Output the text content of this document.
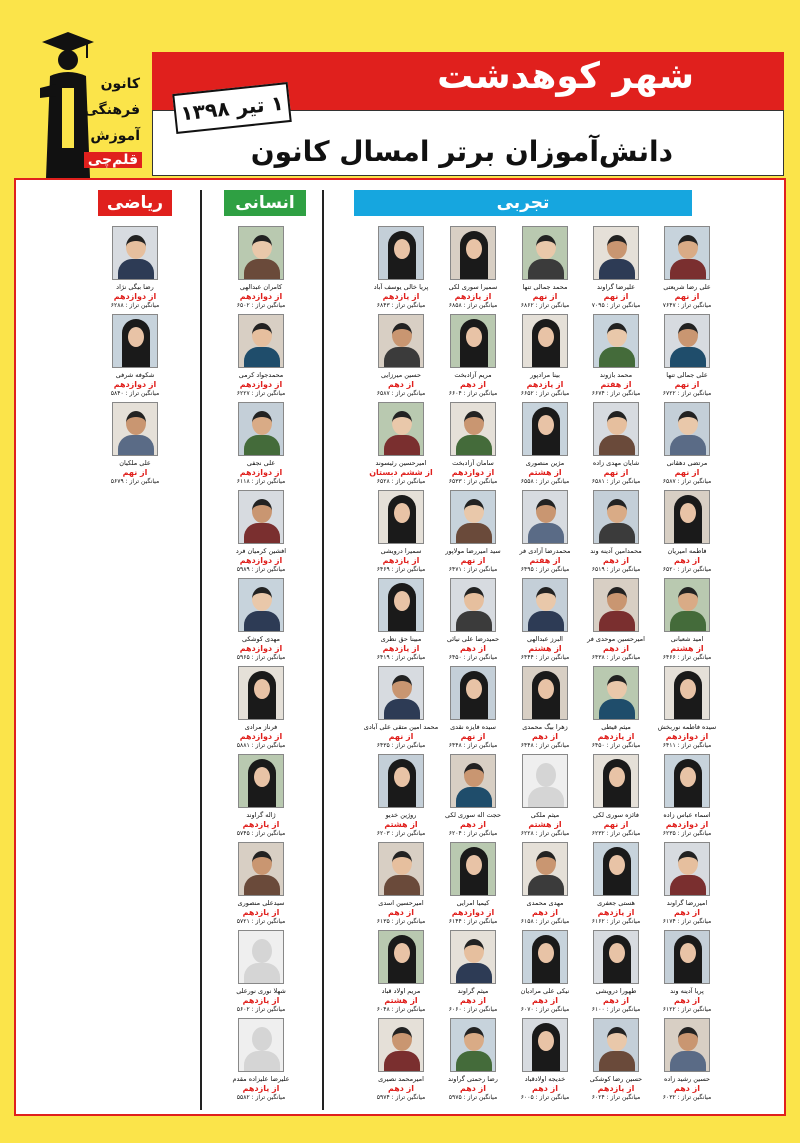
کانون
فرهنگی
آموزش
قلم‌چی
شهر کوهدشت
دانش‌آموزان برتر امسال کانون
۱ تیر ۱۳۹۸
ریاضی	انسانی	تجربی
رضا بیگی نژاد
از دوازدهم
میانگین تراز : ۶۲۸۸
شکوفه شرفی
از دوازدهم
میانگین تراز : ۵۸۴۰
علی ملکیان
از نهم
میانگین تراز : ۵۶۷۹
کامران عبدالهی
از دوازدهم
میانگین تراز : ۶۵۰۲
محمدجواد کرمی
از دوازدهم
میانگین تراز : ۶۲۲۷
علی نجفی
از دوازدهم
میانگین تراز : ۶۱۱۸
افشین کرمیان فرد
از دوازدهم
میانگین تراز : ۵۹۸۹
مهدی کوشکی
از دوازدهم
میانگین تراز : ۵۹۶۵
فرناز مرادی
از دوازدهم
میانگین تراز : ۵۸۸۱
ژاله گراوند
از یازدهم
میانگین تراز : ۵۷۴۵
سیدعلی منصوری
از یازدهم
میانگین تراز : ۵۷۲۱
شهلا نوری نورعلی
از یازدهم
میانگین تراز : ۵۶۰۲
علیرضا علیزاده مقدم
از یازدهم
میانگین تراز : ۵۵۸۲
علی رضا شریعتی
از نهم
میانگین تراز : ۷۶۴۷
علیرضا گراوند
از نهم
میانگین تراز : ۷۰۹۵
محمد جمالی تنها
از نهم
میانگین تراز : ۶۸۶۲
سمیرا سوری لکی
از یازدهم
میانگین تراز : ۶۸۵۸
پریا خالی یوسف آباد
از یازدهم
میانگین تراز : ۶۸۴۳
علی جمالی تنها
از نهم
میانگین تراز : ۶۷۲۲
محمد بازوند
از هفتم
میانگین تراز : ۶۶۷۴
بینا مرادپور
از یازدهم
میانگین تراز : ۶۶۵۲
مریم آزادبخت
از دهم
میانگین تراز : ۶۶۰۴
حسین میرزایی
از دهم
میانگین تراز : ۶۵۸۷
مرتضی دهقانی
از نهم
میانگین تراز : ۶۵۸۷
شایان مهدی زاده
از نهم
میانگین تراز : ۶۵۸۱
مژین منصوری
از هشتم
میانگین تراز : ۶۵۵۸
سامان آزادبخت
از دوازدهم
میانگین تراز : ۶۵۳۳
امیرحسین رئیسوند
از ششم دبستان
میانگین تراز : ۶۵۲۸
فاطمه امیریان
از دهم
میانگین تراز : ۶۵۲۰
محمدامین آدینه وند
از دهم
میانگین تراز : ۶۵۱۹
محمدرضا آزادی فر
از هفتم
میانگین تراز : ۶۴۹۵
سید امیررضا مولاپور
از نهم
میانگین تراز : ۶۴۷۱
سمیرا درویشی
از یازدهم
میانگین تراز : ۶۴۶۹
امید شعبانی
از هشتم
میانگین تراز : ۶۴۶۶
امیرحسین موحدی فر
از دهم
میانگین تراز : ۶۴۳۸
البرز عبدالهی
از هشتم
میانگین تراز : ۶۴۴۴
حمیدرضا علی نیائی
از دهم
میانگین تراز : ۶۴۵۰
مبینا حق نظری
از یازدهم
میانگین تراز : ۶۴۱۹
سیده فاطمه نوربخش
از دوازدهم
میانگین تراز : ۶۴۱۱
میثم قیطی
از یازدهم
میانگین تراز : ۶۴۵۰
زهرا بیگ محمدی
از دهم
میانگین تراز : ۶۴۴۸
سیده فایزه نقدی
از نهم
میانگین تراز : ۶۴۴۸
محمد امین متقی علی آبادی
از نهم
میانگین تراز : ۶۴۳۵
اسماء عباس زاده
از دوازدهم
میانگین تراز : ۶۲۳۵
فائزه سوری لکی
از نهم
میانگین تراز : ۶۲۳۲
میثم ملکی
از هشتم
میانگین تراز : ۶۲۲۸
حجت اله سوری لکی
از دهم
میانگین تراز : ۶۲۰۴
روژین خدیو
از هشتم
میانگین تراز : ۶۲۰۳
امیررضا گراوند
از دهم
میانگین تراز : ۶۱۷۴
هستی جعفری
از یازدهم
میانگین تراز : ۶۱۶۲
مهدی محمدی
از دهم
میانگین تراز : ۶۱۵۸
کیمیا امرایی
از دوازدهم
میانگین تراز : ۶۱۴۴
امیرحسین اسدی
از دهم
میانگین تراز : ۶۱۳۵
پریا آدینه وند
از دهم
میانگین تراز : ۶۱۲۲
طهورا درویشی
از دهم
میانگین تراز : ۶۱۰۰
نیکی علی مرادیان
از دهم
میانگین تراز : ۶۰۷۰
میثم گراوند
از دهم
میانگین تراز : ۶۰۶۰
مریم اولاد قباد
از هشتم
میانگین تراز : ۶۰۴۸
حسین رشید زاده
از دهم
میانگین تراز : ۶۰۳۲
حسین رضا کوشکی
از یازدهم
میانگین تراز : ۶۰۲۴
خدیجه اولادقباد
از دهم
میانگین تراز : ۶۰۰۵
رضا رحمتی گراوند
از دهم
میانگین تراز : ۵۹۷۵
امیرمحمد نصیری
از دهم
میانگین تراز : ۵۹۷۴
